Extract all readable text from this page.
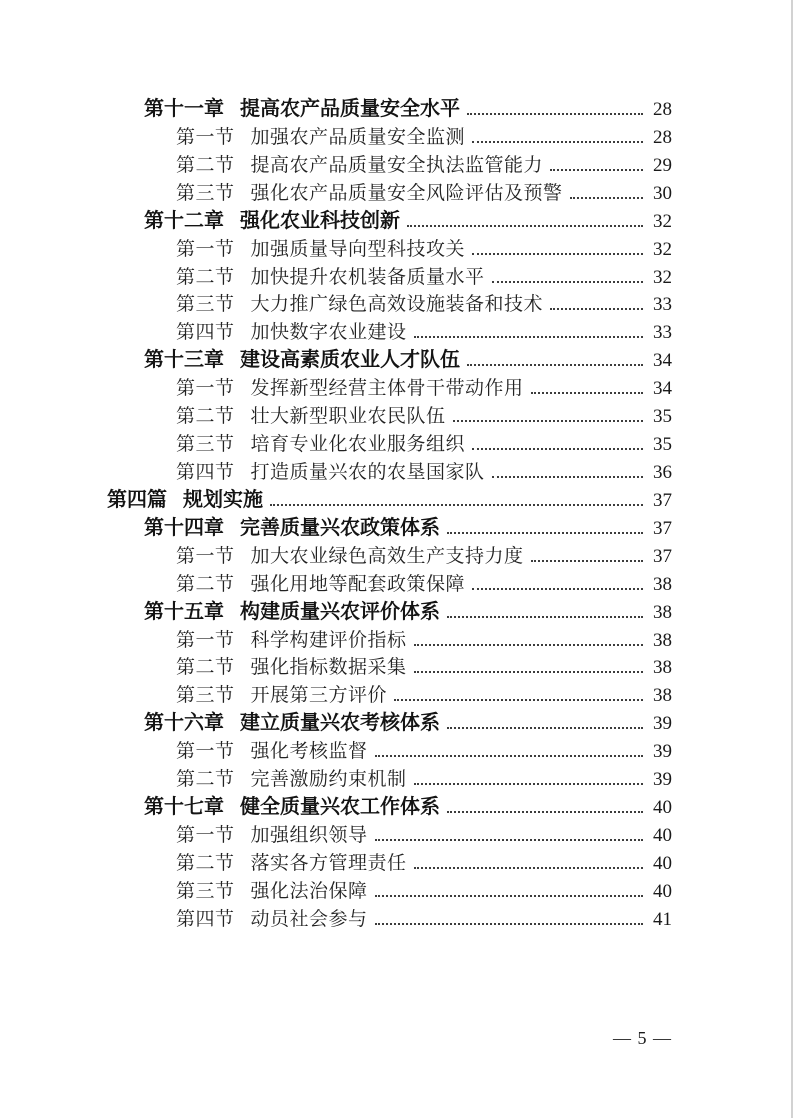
第十一章 提高农产品质量安全水平	28
第一节 加强农产品质量安全监测	28
第二节 提高农产品质量安全执法监管能力	29
第三节 强化农产品质量安全风险评估及预警	30
第十二章 强化农业科技创新	32
第一节 加强质量导向型科技攻关	32
第二节 加快提升农机装备质量水平	32
第三节 大力推广绿色高效设施装备和技术	33
第四节 加快数字农业建设	33
第十三章 建设高素质农业人才队伍	34
第一节 发挥新型经营主体骨干带动作用	34
第二节 壮大新型职业农民队伍	35
第三节 培育专业化农业服务组织	35
第四节 打造质量兴农的农垦国家队	36
第四篇 规划实施	37
第十四章 完善质量兴农政策体系	37
第一节 加大农业绿色高效生产支持力度	37
第二节 强化用地等配套政策保障	38
第十五章 构建质量兴农评价体系	38
第一节 科学构建评价指标	38
第二节 强化指标数据采集	38
第三节 开展第三方评价	38
第十六章 建立质量兴农考核体系	39
第一节 强化考核监督	39
第二节 完善激励约束机制	39
第十七章 健全质量兴农工作体系	40
第一节 加强组织领导	40
第二节 落实各方管理责任	40
第三节 强化法治保障	40
第四节 动员社会参与	41
— 5 —
